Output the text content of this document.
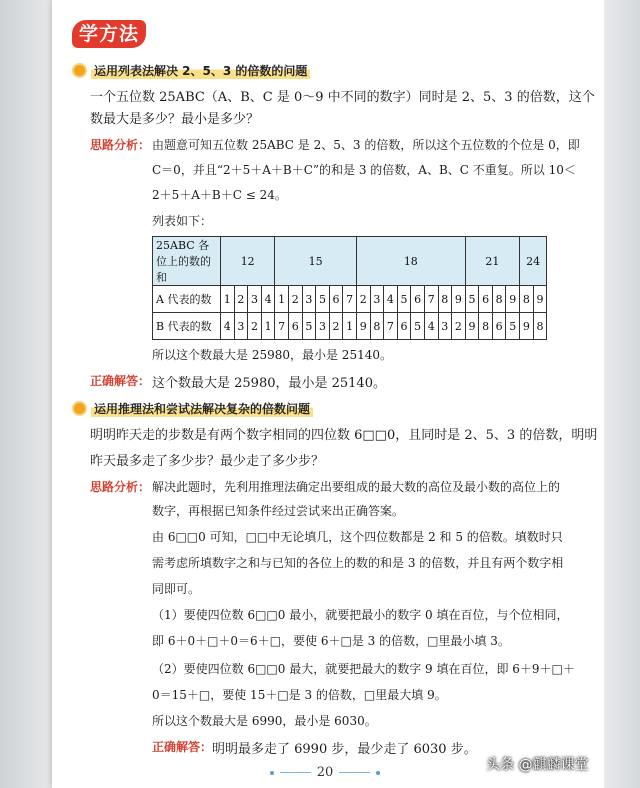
学方法
运用列表法解决 2、5、3 的倍数的问题
一个五位数 25ABC（A、B、C 是 0～9 中不同的数字）同时是 2、5、3 的倍数，这个
数最大是多少？最小是多少？
思路分析： 由题意可知五位数 25ABC 是 2、5、3 的倍数，所以这个五位数的个位是 0，即
C＝0，并且“2＋5＋A＋B＋C”的和是 3 的倍数，A、B、C 不重复。所以 10＜
2＋5＋A＋B＋C ≤ 24。
列表如下：
25ABC 各位上的数的和	12				15						18								21				24	
A 代表的数	1	2	3	4	1	2	3	5	6	7	2	3	4	5	6	7	8	9	5	6	8	9	8	9
B 代表的数	4	3	2	1	7	6	5	3	2	1	9	8	7	6	5	4	3	2	9	8	6	5	9	8
所以这个数最大是 25980，最小是 25140。
正确解答： 这个数最大是 25980，最小是 25140。
运用推理法和尝试法解决复杂的倍数问题
明明昨天走的步数是有两个数字相同的四位数 6□□0，且同时是 2、5、3 的倍数，明明
昨天最多走了多少步？最少走了多少步？
思路分析： 解决此题时，先利用推理法确定出要组成的最大数的高位及最小数的高位上的
数字，再根据已知条件经过尝试来出正确答案。
由 6□□0 可知，□□中无论填几，这个四位数都是 2 和 5 的倍数。填数时只
需考虑所填数字之和与已知的各位上的数的和是 3 的倍数，并且有两个数字相
同即可。
（1）要使四位数 6□□0 最小，就要把最小的数字 0 填在百位，与个位相同，
即 6＋0＋□＋0＝6＋□，要使 6＋□是 3 的倍数，□里最小填 3。
（2）要使四位数 6□□0 最大，就要把最大的数字 9 填在百位，即 6＋9＋□＋
0＝15＋□，要使 15＋□是 3 的倍数，□里最大填 9。
所以这个数最大是 6990，最小是 6030。
正确解答： 明明最多走了 6990 步，最少走了 6030 步。
20	头条 @麒麟课堂
